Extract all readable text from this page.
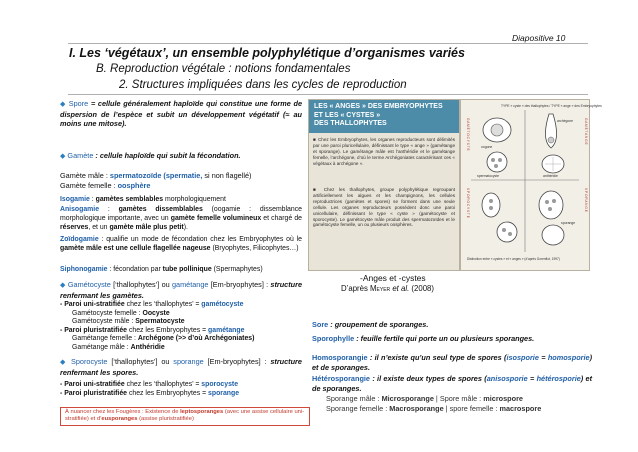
Diapositive 10
I. Les ‘végétaux’, un ensemble polyphylétique d’organismes variés
B. Reproduction végétale : notions fondamentales
2. Structures impliquées dans les cycles de reproduction
◆ Spore = cellule généralement haploïde qui constitue une forme de dispersion de l’espèce et subit un développement végétatif (≈ au moins une mitose).
◆ Gamète : cellule haploïde qui subit la fécondation.
Gamète mâle : spermatozoïde (spermatie, si non flagellé)
Gamète femelle : oosphère
Isogamie : gamètes semblables morphologiquement
Anisogamie : gamètes dissemblables (oogamie : dissemblance morphologique importante, avec un gamète femelle volumineux et chargé de réserves, et un gamète mâle plus petit).
Zoïdogamie : qualifie un mode de fécondation chez les Embryophytes où le gamète mâle est une cellule flagellée nageuse (Bryophytes, Filicophytes…)
Siphonogamie : fécondation par tube pollinique (Spermaphytes)
◆ Gamétocyste [‘thallophytes’] ou gamétange [Em-bryophytes] : structure renfermant les gamètes.
- Paroi uni-stratifiée chez les ‘thallophytes’ = gamétocyste
Gamétocyste femelle : Oocyste
Gamétocyste mâle : Spermatocyste
- Paroi pluristratifiée chez les Embryophytes = gamétange
Gamétange femelle : Archégone (>> d’où Archégoniates)
Gamétange mâle : Anthéridie
◆ Sporocyste [‘thallophytes’] ou sporange [Em-bryophytes] : structure renfermant les spores.
- Paroi uni-stratifiée chez les ‘thallophytes’ = sporocyste
- Paroi pluristratifiée chez les Embryophytes = sporange
À nuancer chez les Fougères : Existence de leptosporanges (avec une assise cellulaire uni-stratifiée) et d’eusporanges (assise pluristratifiée)
LES « ANGES » DES EMBRYOPHYTES
ET LES « CYSTES »
DES THALLOPHYTES
■ Chez les Embryophytes, les organes reproducteurs sont délimités par une paroi pluricellulaire, définissant le type « ange » (gamétange et sporange). Le gamétange mâle est l’anthéridie et le gamétange femelle, l’archégone, d’où le terme Archégoniates caractérisant ces « végétaux à archégone ».
■ Chez les thallophytes, groupe polyphylétique regroupant artificiellement les algues et les champignons, les cellules reproductrices (gamètes et spores) se forment dans une seule cellule. Les organes reproducteurs possèdent donc une paroi unicellulaire, définissant le type « cyste » (gamétocyste et sporocyste). Le gamétocyste mâle produit des spermatozoïdes et le gamétocyste femelle, un ou plusieurs oosphères.
TYPE « cyste » des thallophytes / TYPE « ange » des Embryophytes
G A M É T O C Y S T E	G A M É T A N G E
S P O R O C Y S T E	S P O R A N G E
oogone
spermatocyste
archégone
anthéridie
sporange
Distinction entre « cystes » et « anges » (d’après Gorenflot, 1997)
-Anges et -cystes
D’après Meyer et al. (2008)
Sore : groupement de sporanges.
Sporophylle : feuille fertile qui porte un ou plusieurs sporanges.
Homosporangie : il n’existe qu’un seul type de spores (isosporie = homosporie) et de sporanges.
Hétérosporangie : il existe deux types de spores (anisosporie = hétérosporie) et de sporanges.
Sporange mâle : Microsporange | Spore mâle : microspore
Sporange femelle : Macrosporange | spore femelle : macrospore
